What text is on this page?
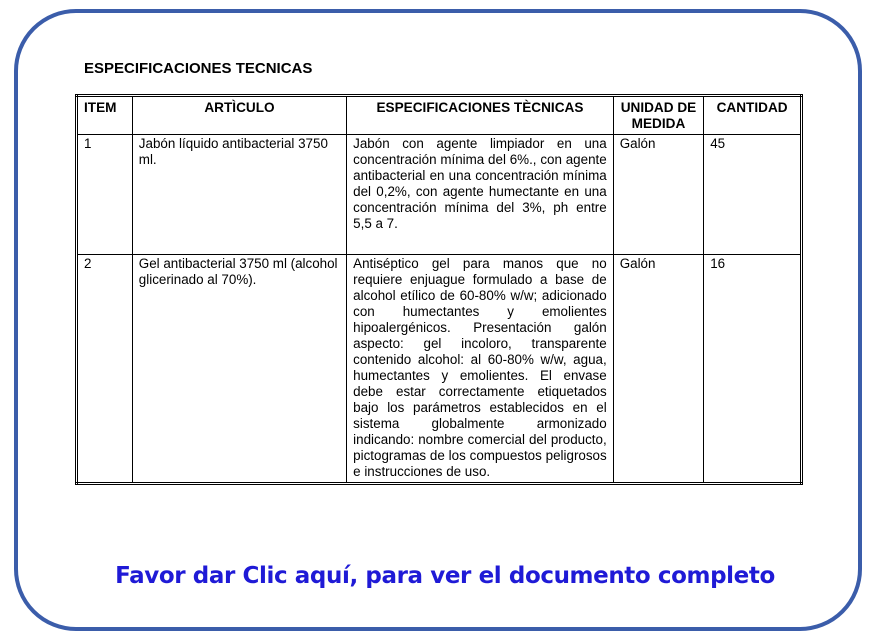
ESPECIFICACIONES TECNICAS
ITEM	ARTÌCULO	ESPECIFICACIONES TÈCNICAS	UNIDAD DE MEDIDA	CANTIDAD
1	Jabón líquido antibacterial 3750 ml.	Jabón con agente limpiador en una concentración mínima del 6%., con agente antibacterial en una concentración mínima del 0,2%, con agente humectante en una concentración mínima del 3%, ph entre 5,5 a 7.	Galón	45
2	Gel antibacterial 3750 ml (alcohol glicerinado al 70%).	Antiséptico gel para manos que no requiere enjuague formulado a base de alcohol etílico de 60-80% w/w; adicionado con humectantes y emolientes hipoalergénicos. Presentación galón aspecto: gel incoloro, transparente contenido alcohol: al 60-80% w/w, agua, humectantes y emolientes. El envase debe estar correctamente etiquetados bajo los parámetros establecidos en el sistema globalmente armonizado indicando: nombre comercial del producto, pictogramas de los compuestos peligrosos e instrucciones de uso.	Galón	16
Favor dar Clic aquí, para ver el documento completo
